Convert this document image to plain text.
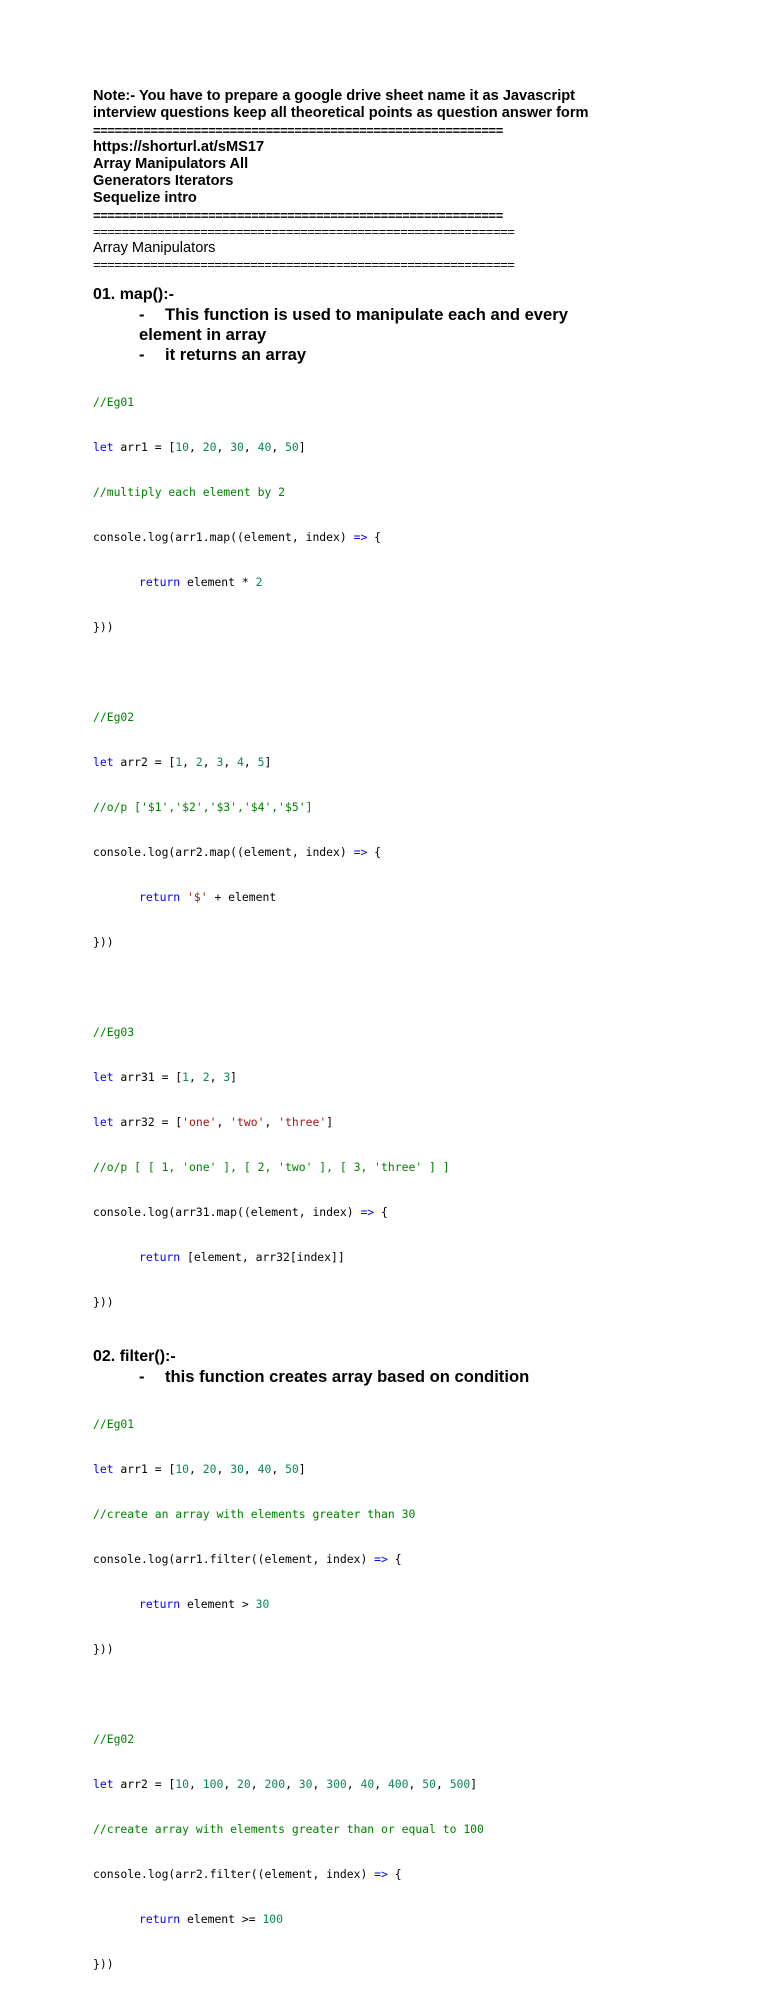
Note:- You have to prepare a google drive sheet name it as Javascript
interview questions keep all theoretical points as question answer form
=========================================================
https://shorturl.at/sMS17
Array Manipulators All
Generators Iterators
Sequelize intro
=========================================================
===========================================================
Array Manipulators
===========================================================
01. map():-
-	This function is used to manipulate each and every
element in array
-	it returns an array

//Eg01

let arr1 = [10, 20, 30, 40, 50]

//multiply each element by 2

console.log(arr1.map((element, index) => {

return element * 2

}))

//Eg02

let arr2 = [1, 2, 3, 4, 5]

//o/p ['$1','$2','$3','$4','$5']

console.log(arr2.map((element, index) => {

return '$' + element

}))

//Eg03

let arr31 = [1, 2, 3]

let arr32 = ['one', 'two', 'three']

//o/p [ [ 1, 'one' ], [ 2, 'two' ], [ 3, 'three' ] ]

console.log(arr31.map((element, index) => {

return [element, arr32[index]]

}))

02. filter():-
-	this function creates array based on condition

//Eg01

let arr1 = [10, 20, 30, 40, 50]

//create an array with elements greater than 30

console.log(arr1.filter((element, index) => {

return element > 30

}))

//Eg02

let arr2 = [10, 100, 20, 200, 30, 300, 40, 400, 50, 500]

//create array with elements greater than or equal to 100

console.log(arr2.filter((element, index) => {

return element >= 100

}))
